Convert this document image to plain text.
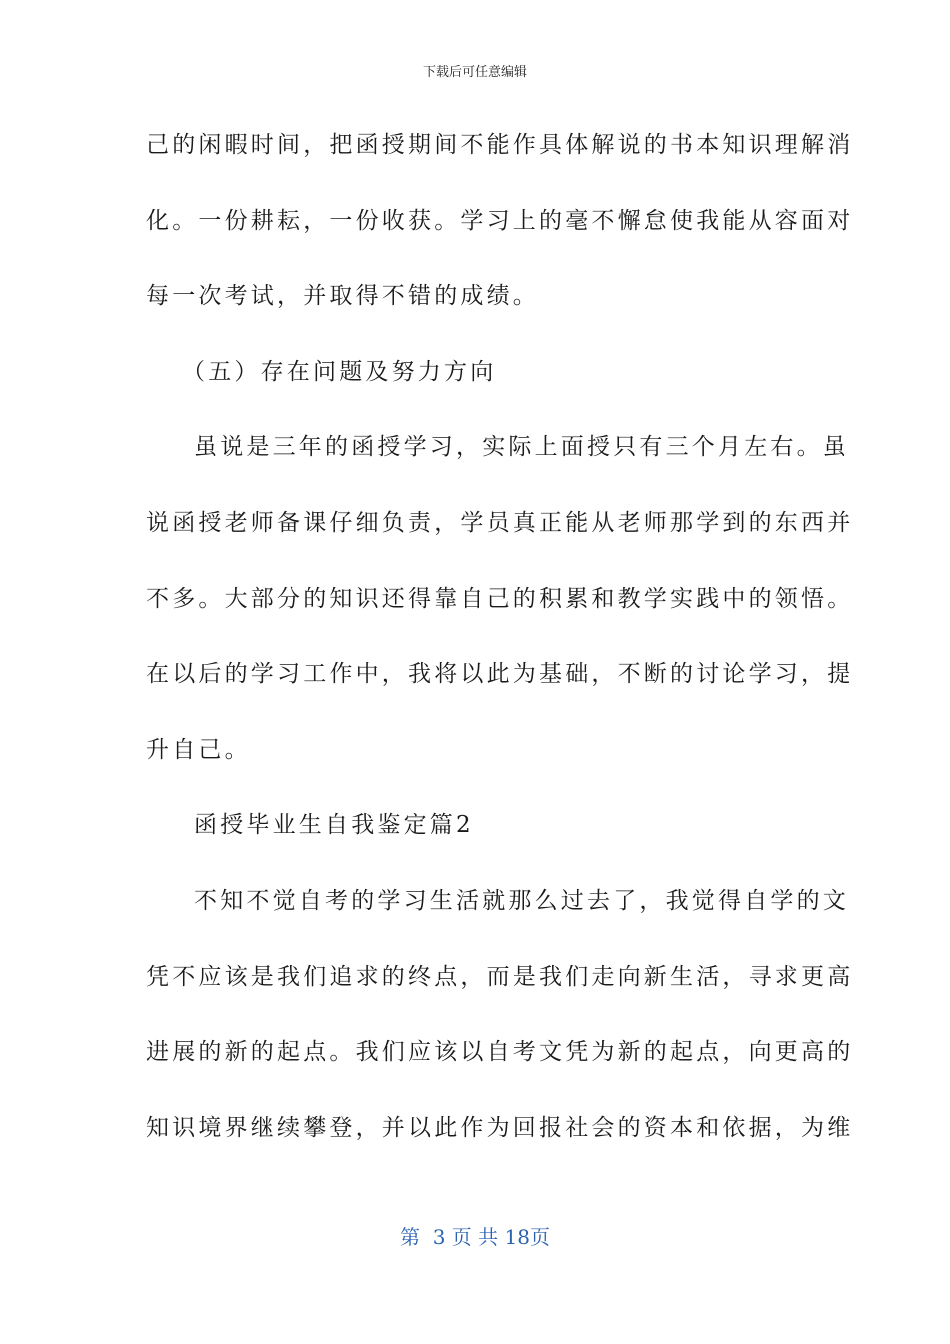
下载后可任意编辑
己的闲暇时间，把函授期间不能作具体解说的书本知识理解消
化。一份耕耘，一份收获。学习上的毫不懈怠使我能从容面对
每一次考试，并取得不错的成绩。
（五）存在问题及努力方向
虽说是三年的函授学习，实际上面授只有三个月左右。虽
说函授老师备课仔细负责，学员真正能从老师那学到的东西并
不多。大部分的知识还得靠自己的积累和教学实践中的领悟。
在以后的学习工作中，我将以此为基础，不断的讨论学习，提
升自己。
函授毕业生自我鉴定篇2
不知不觉自考的学习生活就那么过去了，我觉得自学的文
凭不应该是我们追求的终点，而是我们走向新生活，寻求更高
进展的新的起点。我们应该以自考文凭为新的起点，向更高的
知识境界继续攀登，并以此作为回报社会的资本和依据，为维
第  3 页 共 18页
